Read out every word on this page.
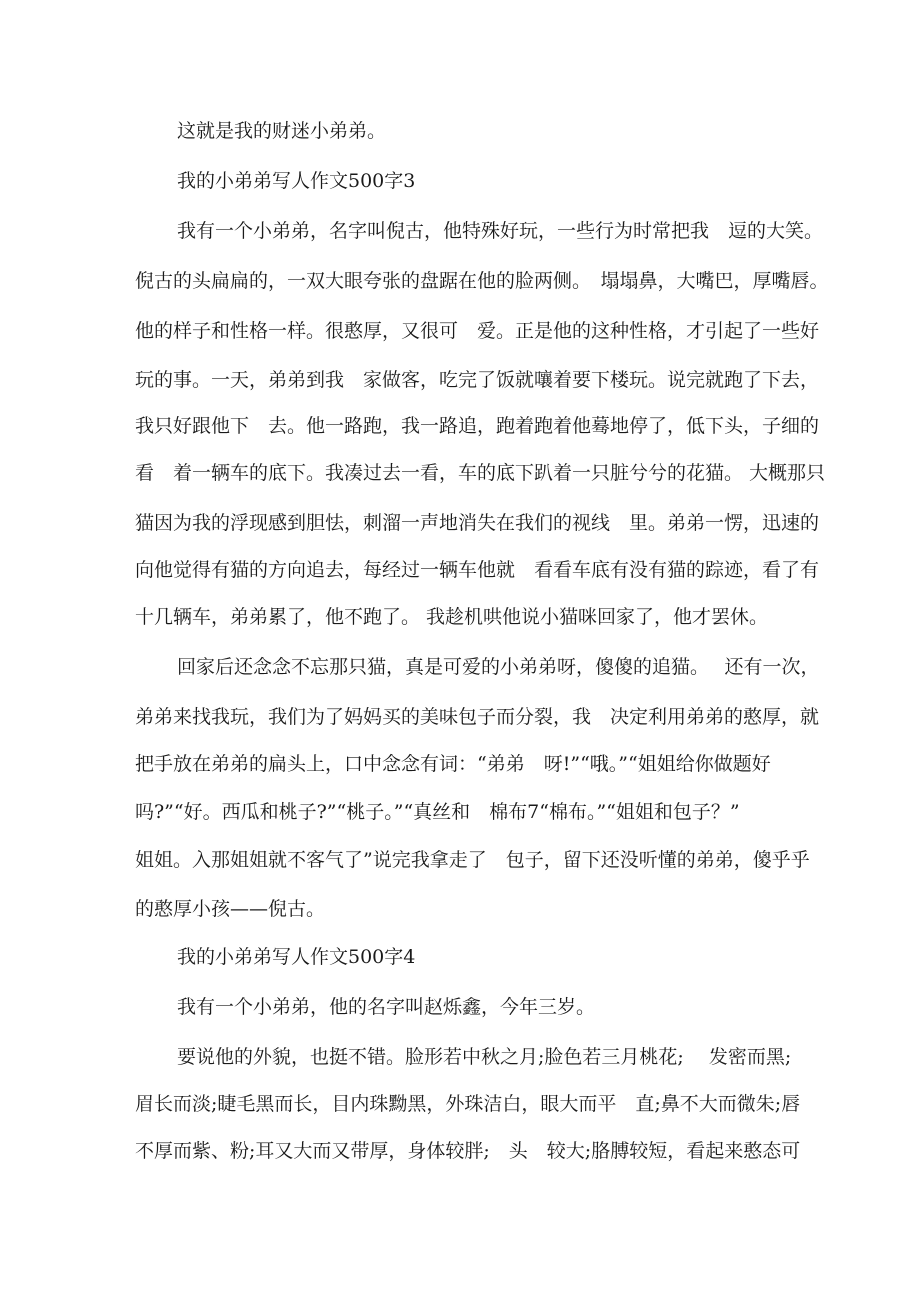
这就是我的财迷小弟弟。
我的小弟弟写人作文500字3
我有一个小弟弟，名字叫倪古，他特殊好玩，一些行为时常把我　逗的大笑。
倪古的头扁扁的，一双大眼夸张的盘踞在他的脸两侧。　塌塌鼻，大嘴巴，厚嘴唇。
他的样子和性格一样。很憨厚，又很可　爱。正是他的这种性格，才引起了一些好
玩的事。一天，弟弟到我　家做客，吃完了饭就嚷着要下楼玩。说完就跑了下去，
我只好跟他下　去。他一路跑，我一路追，跑着跑着他蓦地停了，低下头，子细的
看　着一辆车的底下。我凑过去一看，车的底下趴着一只脏兮兮的花猫。 大概那只
猫因为我的浮现感到胆怯，刺溜一声地消失在我们的视线　里。弟弟一愣，迅速的
向他觉得有猫的方向追去，每经过一辆车他就　看看车底有没有猫的踪迹，看了有
十几辆车，弟弟累了，他不跑了。 我趁机哄他说小猫咪回家了，他才罢休。
回家后还念念不忘那只猫，真是可爱的小弟弟呀，傻傻的追猫。　 还有一次，
弟弟来找我玩，我们为了妈妈买的美味包子而分裂，我　决定利用弟弟的憨厚，就
把手放在弟弟的扁头上，口中念念有词：“弟弟　呀!”“哦。”“姐姐给你做题好
吗?”“好。西瓜和桃子?”“桃子。”“真丝和　棉布7“棉布。”“姐姐和包子？”
姐姐。入那姐姐就不客气了”说完我拿走了　包子，留下还没听懂的弟弟，傻乎乎
的憨厚小孩——倪古。
我的小弟弟写人作文500字4
我有一个小弟弟，他的名字叫赵烁鑫，今年三岁。
要说他的外貌，也挺不错。脸形若中秋之月;脸色若三月桃花;　 发密而黑;
眉长而淡;睫毛黑而长，目内珠黝黑，外珠洁白，眼大而平　直;鼻不大而微朱;唇
不厚而紫、粉;耳又大而又带厚，身体较胖;　头　较大;胳膊较短，看起来憨态可
